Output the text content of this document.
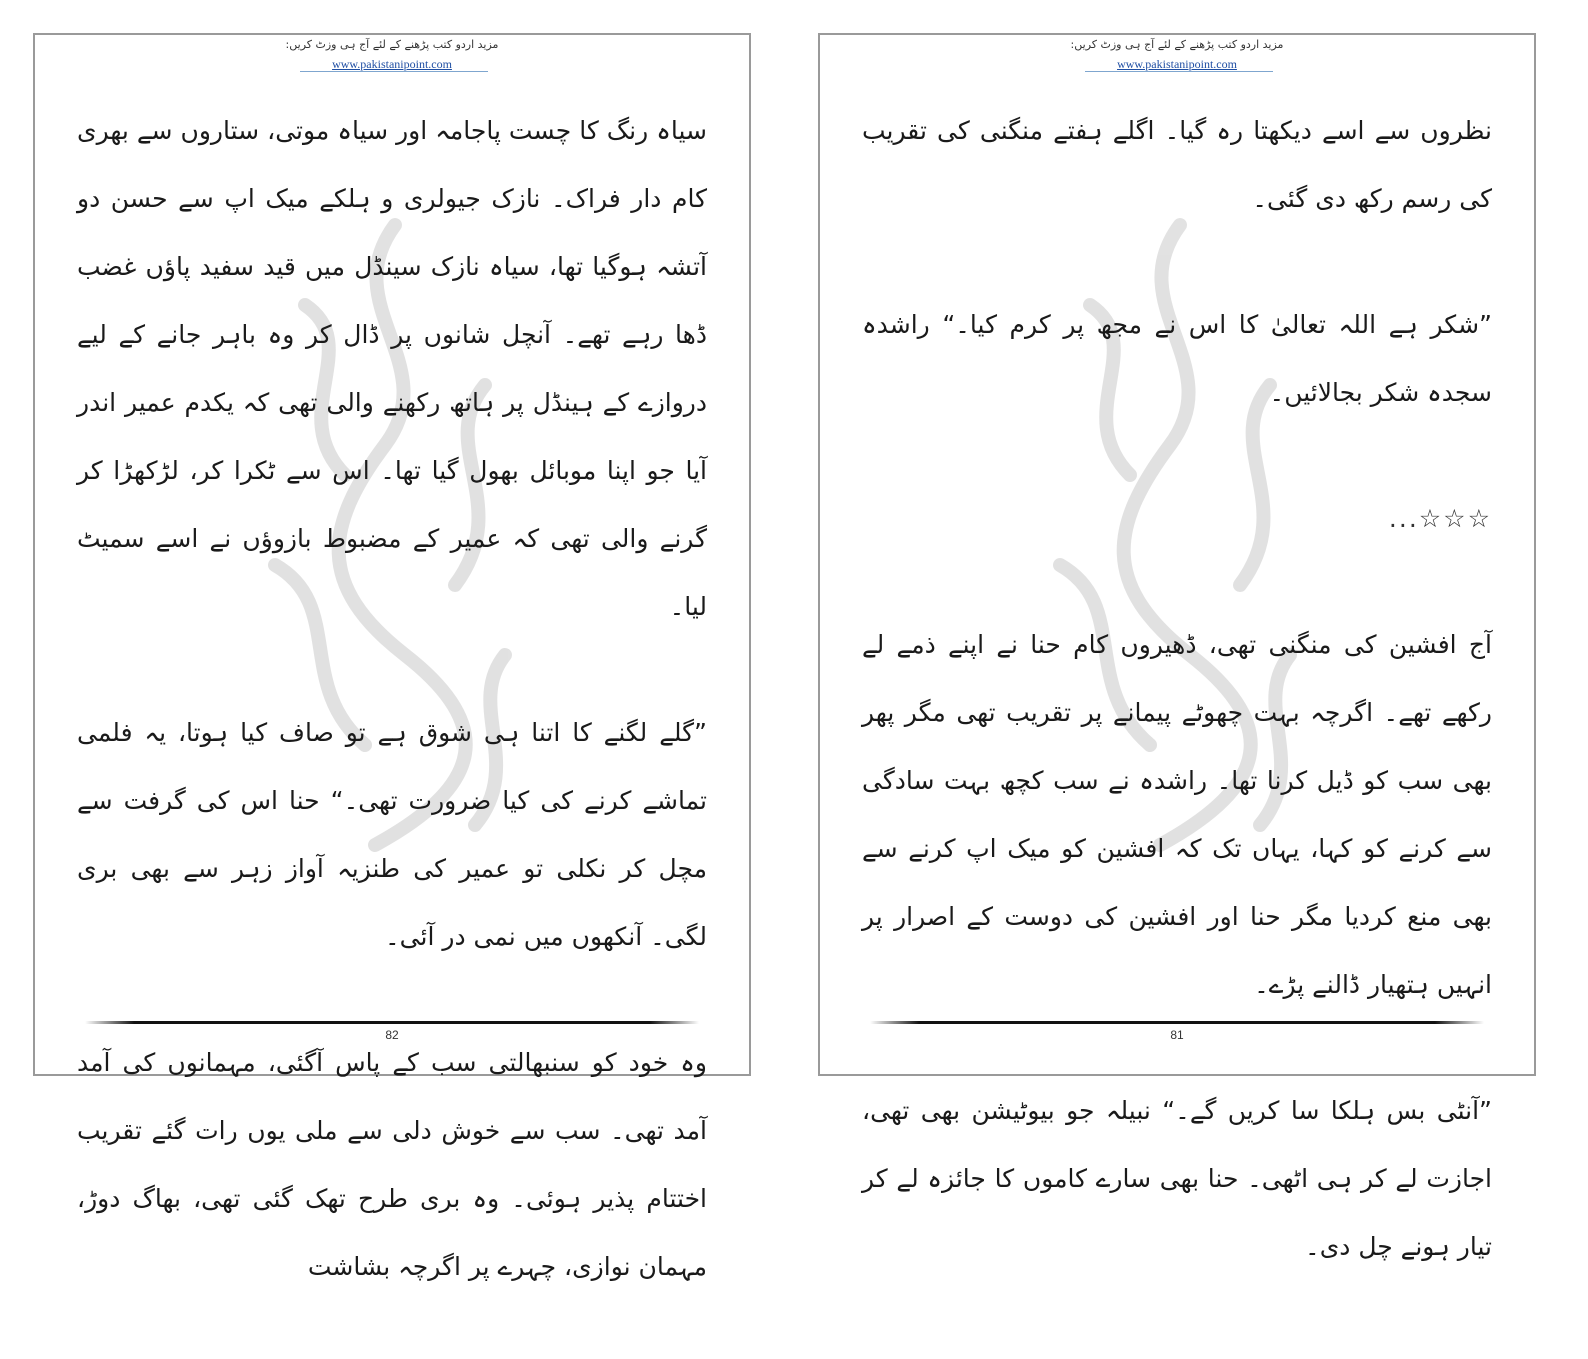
مزید اردو کتب پڑھنے کے لئے آج ہی وزٹ کریں:
www.pakistanipoint.com

سیاہ رنگ کا چست پاجامہ اور سیاہ موتی، ستاروں سے بھری کام دار فراک۔ نازک جیولری و ہلکے میک اپ سے حسن دو آتشہ ہوگیا تھا، سیاہ نازک سینڈل میں قید سفید پاؤں غضب ڈھا رہے تھے۔ آنچل شانوں پر ڈال کر وہ باہر جانے کے لیے دروازے کے ہینڈل پر ہاتھ رکھنے والی تھی کہ یکدم عمیر اندر آیا جو اپنا موبائل بھول گیا تھا۔ اس سے ٹکرا کر، لڑکھڑا کر گرنے والی تھی کہ عمیر کے مضبوط بازوؤں نے اسے سمیٹ لیا۔

”گلے لگنے کا اتنا ہی شوق ہے تو صاف کیا ہوتا، یہ فلمی تماشے کرنے کی کیا ضرورت تھی۔“ حنا اس کی گرفت سے مچل کر نکلی تو عمیر کی طنزیہ آواز زہر سے بھی بری لگی۔ آنکھوں میں نمی در آئی۔

وہ خود کو سنبھالتی سب کے پاس آگئی، مہمانوں کی آمد آمد تھی۔ سب سے خوش دلی سے ملی یوں رات گئے تقریب اختتام پذیر ہوئی۔ وہ بری طرح تھک گئی تھی، بھاگ دوڑ، مہمان نوازی، چہرے پر اگرچہ بشاشت

82
مزید اردو کتب پڑھنے کے لئے آج ہی وزٹ کریں:
www.pakistanipoint.com

نظروں سے اسے دیکھتا رہ گیا۔ اگلے ہفتے منگنی کی تقریب کی رسم رکھ دی گئی۔

”شکر ہے اللہ تعالیٰ کا اس نے مجھ پر کرم کیا۔“ راشدہ سجدہ شکر بجالائیں۔

☆☆☆...

آج افشین کی منگنی تھی، ڈھیروں کام حنا نے اپنے ذمے لے رکھے تھے۔ اگرچہ بہت چھوٹے پیمانے پر تقریب تھی مگر پھر بھی سب کو ڈیل کرنا تھا۔ راشدہ نے سب کچھ بہت سادگی سے کرنے کو کہا، یہاں تک کہ افشین کو میک اپ کرنے سے بھی منع کردیا مگر حنا اور افشین کی دوست کے اصرار پر انہیں ہتھیار ڈالنے پڑے۔

”آنٹی بس ہلکا سا کریں گے۔“ نبیلہ جو بیوٹیشن بھی تھی، اجازت لے کر ہی اٹھی۔ حنا بھی سارے کاموں کا جائزہ لے کر تیار ہونے چل دی۔

81
